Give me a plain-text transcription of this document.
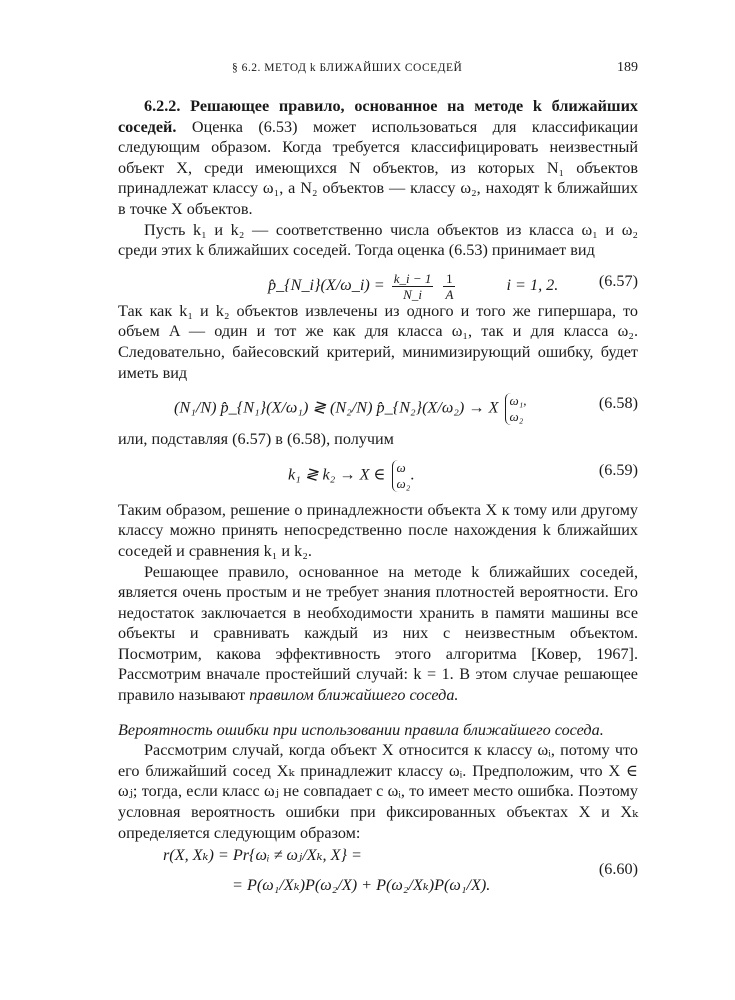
§ 6.2. МЕТОД k БЛИЖАЙШИХ СОСЕДЕЙ	189

6.2.2. Решающее правило, основанное на методе k ближайших соседей. Оценка (6.53) может использоваться для классификации следующим образом. Когда требуется классифицировать неизвестный объект X, среди имеющихся N объектов, из которых N₁ объектов принадлежат классу ω₁, а N₂ объектов — классу ω₂, находят k ближайших в точке X объектов.

Пусть k₁ и k₂ — соответственно числа объектов из класса ω₁ и ω₂ среди этих k ближайших соседей. Тогда оценка (6.53) принимает вид

p̂_{N_i}(X/ω_i) = $\frac{k\_i - 1}{N\_i}$
$\frac{1}{A}$	i = 1, 2.	(6.57)

Так как k₁ и k₂ объектов извлечены из одного и того же гипершара, то объем A — один и тот же как для класса ω₁, так и для класса ω₂. Следовательно, байесовский критерий, минимизирующий ошибку, будет иметь вид

(N₁/N) p̂_{N₁}(X/ω₁) ≷ (N₂/N) p̂_{N₂}(X/ω₂) → X ω₁,
ω₂
(6.58)

или, подставляя (6.57) в (6.58), получим

k₁ ≷ k₂ → X ∈ ω
ω₂ .	(6.59)

Таким образом, решение о принадлежности объекта X к тому или другому классу можно принять непосредственно после нахождения k ближайших соседей и сравнения k₁ и k₂.

Решающее правило, основанное на методе k ближайших соседей, является очень простым и не требует знания плотностей вероятности. Его недостаток заключается в необходимости хранить в памяти машины все объекты и сравнивать каждый из них с неизвестным объектом. Посмотрим, какова эффективность этого алгоритма [Ковер, 1967]. Рассмотрим вначале простейший случай: k = 1. В этом случае решающее правило называют правилом ближайшего соседа.

Вероятность ошибки при использовании правила ближайшего соседа.

Рассмотрим случай, когда объект X относится к классу ωᵢ, потому что его ближайший сосед Xₖ принадлежит классу ωᵢ. Предположим, что X ∈ ωⱼ; тогда, если класс ωⱼ не совпадает с ωᵢ, то имеет место ошибка. Поэтому условная вероятность ошибки при фиксированных объектах X и Xₖ определяется следующим образом:

r(X, Xₖ) = Pr{ωᵢ ≠ ωⱼ/Xₖ, X} =
= P(ω₁/Xₖ)P(ω₂/X) + P(ω₂/Xₖ)P(ω₁/X).
(6.60)
